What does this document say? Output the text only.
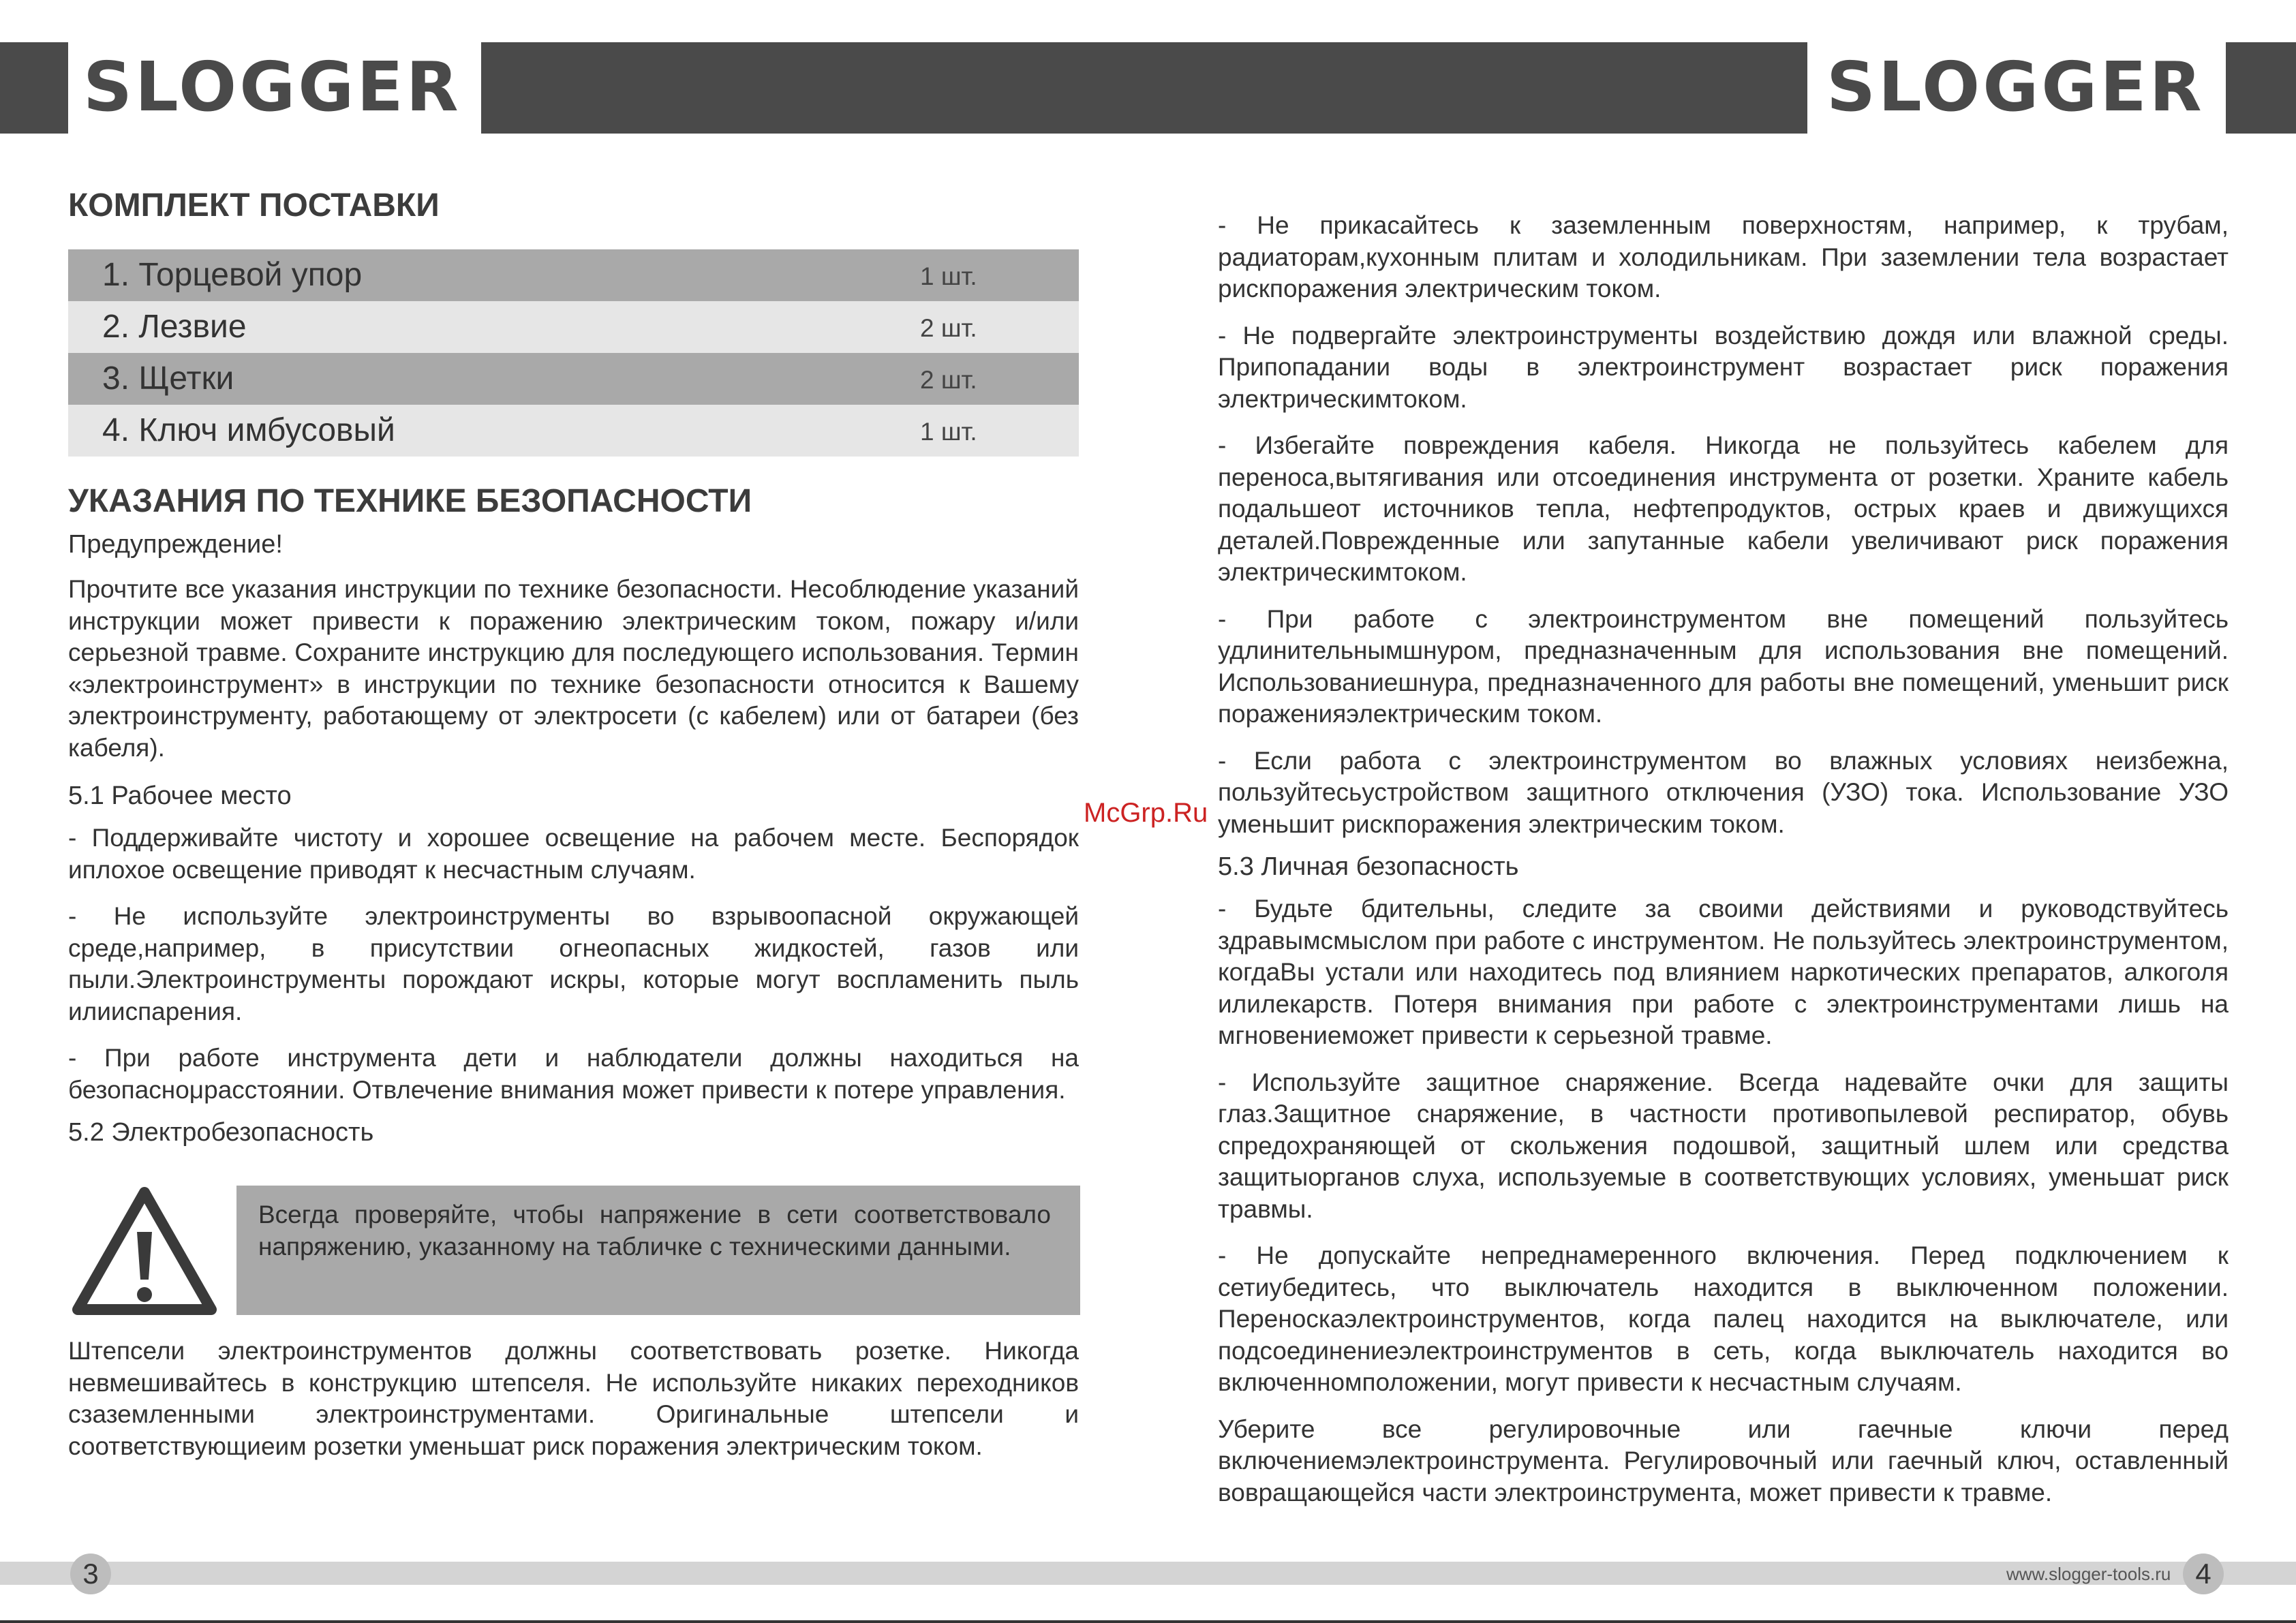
SLOGGER	SLOGGER
КОМПЛЕКТ ПОСТАВКИ
1. Торцевой упор	1 шт.
2. Лезвие	2 шт.
3. Щетки	2 шт.
4. Ключ имбусовый	1 шт.
УКАЗАНИЯ ПО ТЕХНИКЕ БЕЗОПАСНОСТИ

Предупреждение!

Прочтите все указания инструкции по технике безопасности. Несоблюдение указаний инструкции может привести к поражению электрическим током, пожару и/или серьезной травме. Сохраните инструкцию для последующего использования. Термин «электроинструмент» в инструкции по технике безопасности относится к Вашему электроинструменту, работающему от электросети (с кабелем) или от батареи (без кабеля).

5.1 Рабочее место

- Поддерживайте чистоту и хорошее освещение на рабочем месте. Беспорядок иплохое освещение приводят к несчастным случаям.

- Не используйте электроинструменты во взрывоопасной окружающей среде,например, в присутствии огнеопасных жидкостей, газов или пыли.Электроинструменты порождают искры, которые могут воспламенить пыль илииспарения.

- При работе инструмента дети и наблюдатели должны находиться на безопаснομрасстоянии. Отвлечение внимания может привести к потере управления.

5.2 Электробезопасность

Всегда проверяйте, чтобы напряжение в сети соответствовало напряжению, указанному на табличке с техническими данными.

Штепсели электроинструментов должны соответствовать розетке. Никогда невмешивайтесь в конструкцию штепселя. Не используйте никаких переходников сзаземленными электроинструментами. Оригинальные штепсели и соответствующиеим розетки уменьшат риск поражения электрическим током.

- Не прикасайтесь к заземленным поверхностям, например, к трубам, радиаторам,кухонным плитам и холодильникам. При заземлении тела возрастает рискпоражения электрическим током.

- Не подвергайте электроинструменты воздействию дождя или влажной среды. Припопадании воды в электроинструмент возрастает риск поражения электрическимтоком.

- Избегайте повреждения кабеля. Никогда не пользуйтесь кабелем для переноса,вытягивания или отсоединения инструмента от розетки. Храните кабель подальшеот источников тепла, нефтепродуктов, острых краев и движущихся деталей.Поврежденные или запутанные кабели увеличивают риск поражения электрическимтоком.

- При работе с электроинструментом вне помещений пользуйтесь удлинительнымшнуром, предназначенным для использования вне помещений. Использованиешнура, предназначенного для работы вне помещений, уменьшит риск пораженияэлектрическим током.

- Если работа с электроинструментом во влажных условиях неизбежна, пользуйтесьустройством защитного отключения (УЗО) тока. Использование УЗО уменьшит рискпоражения электрическим током.

5.3 Личная безопасность

- Будьте бдительны, следите за своими действиями и руководствуйтесь здравымсмыслом при работе с инструментом. Не пользуйтесь электроинструментом, когдаВы устали или находитесь под влиянием наркотических препаратов, алкоголя илилекарств. Потеря внимания при работе с электроинструментами лишь на мгновениеможет привести к серьезной травме.

- Используйте защитное снаряжение. Всегда надевайте очки для защиты глаз.Защитное снаряжение, в частности противопылевой респиратор, обувь спредохраняющей от скольжения подошвой, защитный шлем или средства защитыорганов слуха, используемые в соответствующих условиях, уменьшат риск травмы.

- Не допускайте непреднамеренного включения. Перед подключением к сетиубедитесь, что выключатель находится в выключенном положении. Переноскаэлектроинструментов, когда палец находится на выключателе, или подсоединениеэлектроинструментов в сеть, когда выключатель находится во включенномположении, могут привести к несчастным случаям.

Уберите все регулировочные или гаечные ключи перед включениемэлектроинструмента. Регулировочный или гаечный ключ, оставленный вовращающейся части электроинструмента, может привести к травме.

McGrp.Ru
3	www.slogger-tools.ru 4
